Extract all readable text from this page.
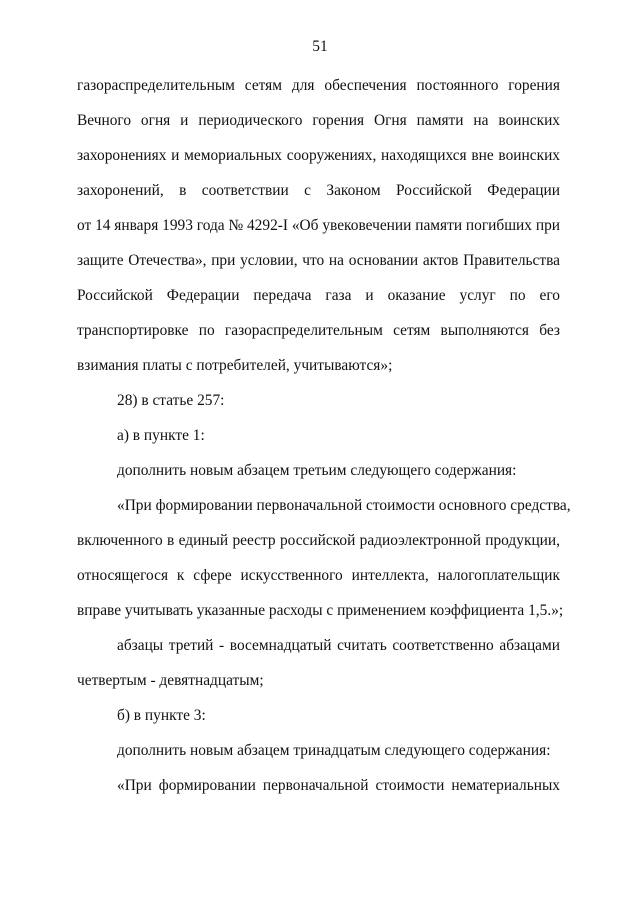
51
газораспределительным сетям для обеспечения постоянного горения
Вечного огня и периодического горения Огня памяти на воинских
захоронениях и мемориальных сооружениях, находящихся вне воинских
захоронений, в соответствии с Законом Российской Федерации
от 14 января 1993 года № 4292-I «Об увековечении памяти погибших при
защите Отечества», при условии, что на основании актов Правительства
Российской Федерации передача газа и оказание услуг по его
транспортировке по газораспределительным сетям выполняются без
взимания платы с потребителей, учитываются»;
28) в статье 257:
а) в пункте 1:
дополнить новым абзацем третьим следующего содержания:
«При формировании первоначальной стоимости основного средства,
включенного в единый реестр российской радиоэлектронной продукции,
относящегося к сфере искусственного интеллекта, налогоплательщик
вправе учитывать указанные расходы с применением коэффициента 1,5.»;
абзацы третий - восемнадцатый считать соответственно абзацами
четвертым - девятнадцатым;
б) в пункте 3:
дополнить новым абзацем тринадцатым следующего содержания:
«При формировании первоначальной стоимости нематериальных
